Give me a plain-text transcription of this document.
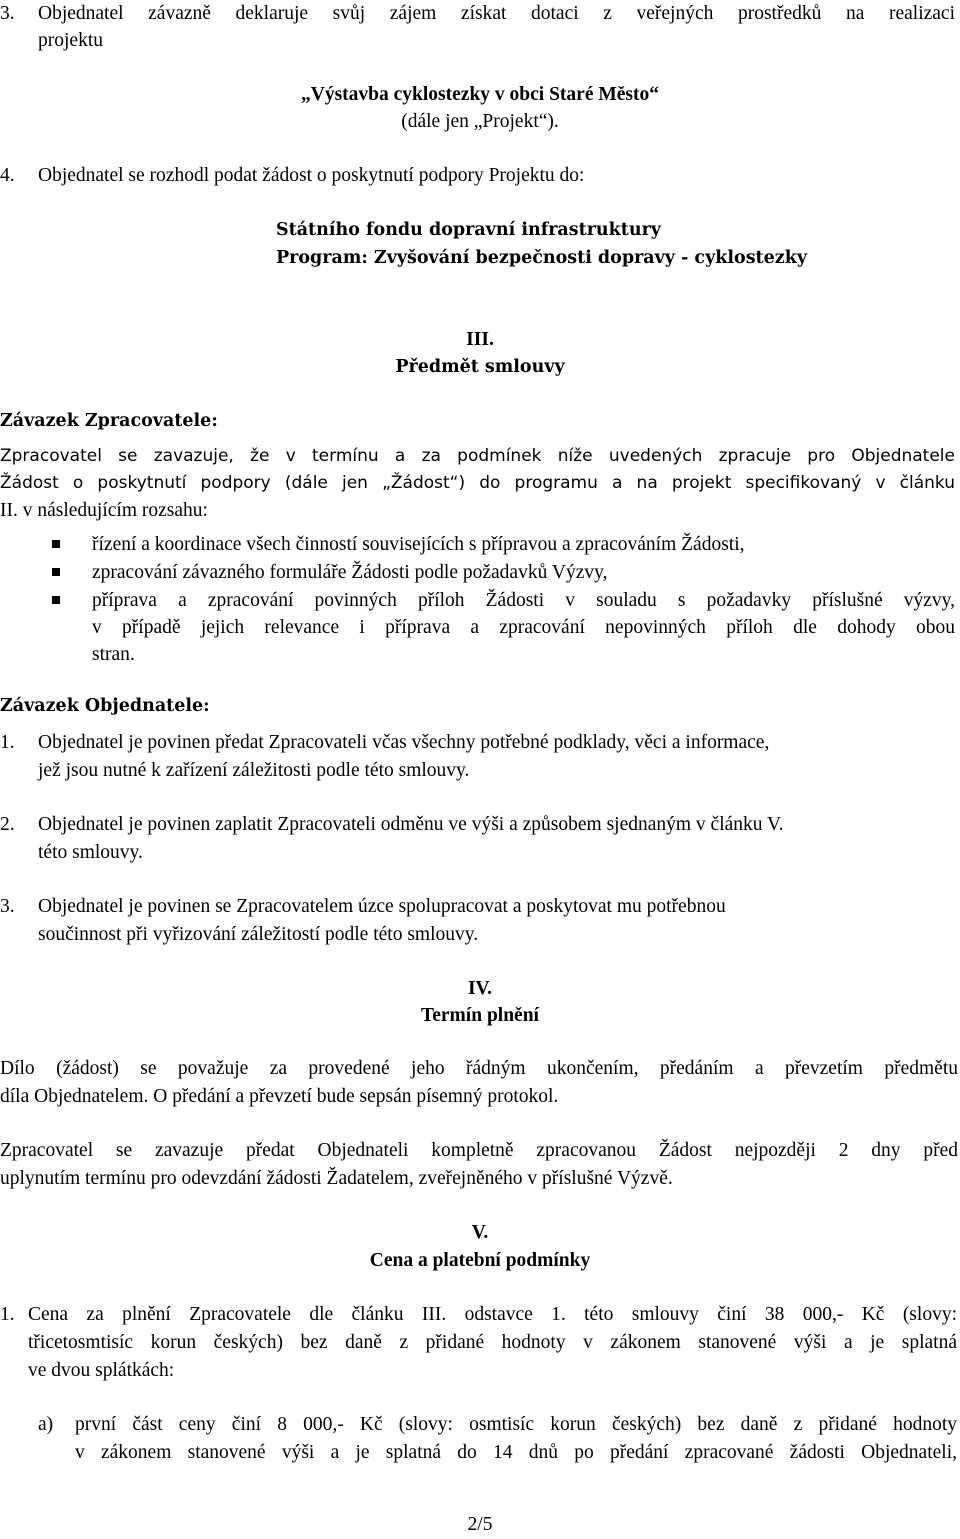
3. Objednatel závazně deklaruje svůj zájem získat dotaci z veřejných prostředků na realizaci
projektu
„Výstavba cyklostezky v obci Staré Město“
(dále jen „Projekt“).
4. Objednatel se rozhodl podat žádost o poskytnutí podpory Projektu do:
Státního fondu dopravní infrastruktury
Program: Zvyšování bezpečnosti dopravy - cyklostezky
III.
Předmět smlouvy
Závazek Zpracovatele:
Zpracovatel se zavazuje, že v termínu a za podmínek níže uvedených zpracuje pro Objednatele
Žádost o poskytnutí podpory (dále jen „Žádost“) do programu a na projekt specifikovaný v článku
II. v následujícím rozsahu:
řízení a koordinace všech činností souvisejících s přípravou a zpracováním Žádosti,
zpracování závazného formuláře Žádosti podle požadavků Výzvy,
příprava a zpracování povinných příloh Žádosti v souladu s požadavky příslušné výzvy,
v případě jejich relevance i příprava a zpracování nepovinných příloh dle dohody obou
stran.
Závazek Objednatele:
1. Objednatel je povinen předat Zpracovateli včas všechny potřebné podklady, věci a informace,
jež jsou nutné k zařízení záležitosti podle této smlouvy.
2. Objednatel je povinen zaplatit Zpracovateli odměnu ve výši a způsobem sjednaným v článku V.
této smlouvy.
3. Objednatel je povinen se Zpracovatelem úzce spolupracovat a poskytovat mu potřebnou
součinnost při vyřizování záležitostí podle této smlouvy.
IV.
Termín plnění
Dílo (žádost) se považuje za provedené jeho řádným ukončením, předáním a převzetím předmětu
díla Objednatelem. O předání a převzetí bude sepsán písemný protokol.
Zpracovatel se zavazuje předat Objednateli kompletně zpracovanou Žádost nejpozději 2 dny před
uplynutím termínu pro odevzdání žádosti Žadatelem, zveřejněného v příslušné Výzvě.
V.
Cena a platební podmínky
1. Cena za plnění Zpracovatele dle článku III. odstavce 1. této smlouvy činí 38 000,- Kč (slovy:
třicetosmtisíc korun českých) bez daně z přidané hodnoty v zákonem stanovené výši a je splatná
ve dvou splátkách:
a) první část ceny činí 8 000,- Kč (slovy: osmtisíc korun českých) bez daně z přidané hodnoty
v zákonem stanovené výši a je splatná do 14 dnů po předání zpracované žádosti Objednateli,
2/5
